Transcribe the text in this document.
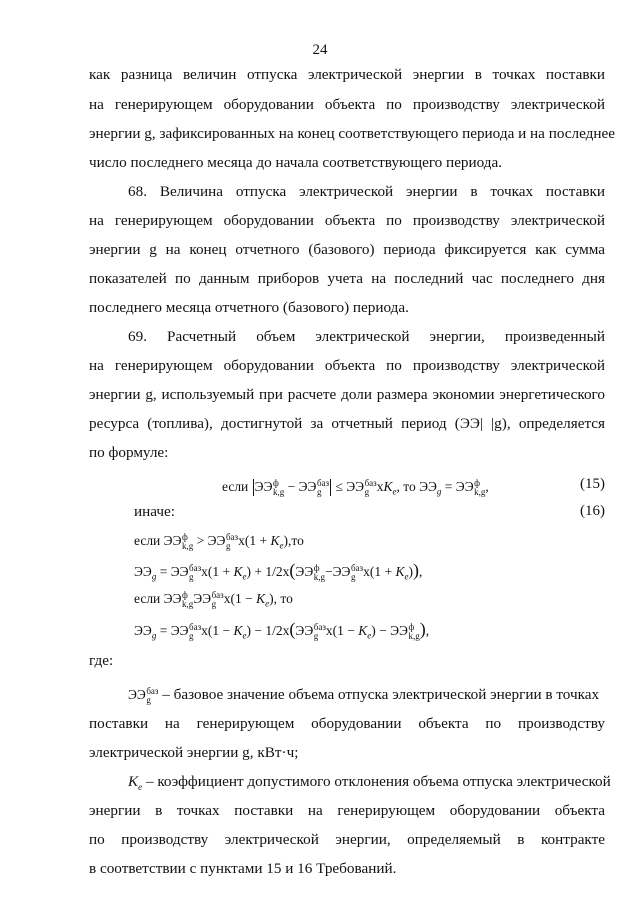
24
как разница величин отпуска электрической энергии в точках поставки
на генерирующем оборудовании объекта по производству электрической
энергии g, зафиксированных на конец соответствующего периода и на последнее
число последнего месяца до начала соответствующего периода.
68. Величина отпуска электрической энергии в точках поставки
на генерирующем оборудовании объекта по производству электрической
энергии g на конец отчетного (базового) периода фиксируется как сумма
показателей по данным приборов учета на последний час последнего дня
последнего месяца отчетного (базового) периода.
69. Расчетный объем электрической энергии, произведенный
на генерирующем оборудовании объекта по производству электрической
энергии g, используемый при расчете доли размера экономии энергетического
ресурса (топлива), достигнутой за отчетный период (ЭЭ| |g), определяется
по формуле:
если ЭЭ ф
k,g − ЭЭ баз
g ≤ ЭЭ баз
g $xK_e$, то $ЭЭ_g$ = ЭЭ ф
k,g ,	(15)
иначе:	(16)
если ЭЭ ф
k,g > ЭЭ баз
g $x(1 + K_e),то$
$ЭЭ_g$ = ЭЭ баз
g $x(1 + K_e) + 1/2x(ЭЭ$ ф
k,g −ЭЭ баз
g $x(1 + K_e)$),
если ЭЭ ф
k,g ЭЭ баз
g $x(1 - K_e)$, то
$ЭЭ_g$ = ЭЭ баз
g $x(1 - K_e) - 1/2x(ЭЭ$ баз
g $x(1 - K_e)$ − ЭЭ ф
k,g ),
где:
ЭЭ баз
g – базовое значение объема отпуска электрической энергии в точках
поставки на генерирующем оборудовании объекта по производству
электрической энергии g, кВт·ч;
$K_e$ – коэффициент допустимого отклонения объема отпуска электрической
энергии в точках поставки на генерирующем оборудовании объекта
по производству электрической энергии, определяемый в контракте
в соответствии с пунктами 15 и 16 Требований.
